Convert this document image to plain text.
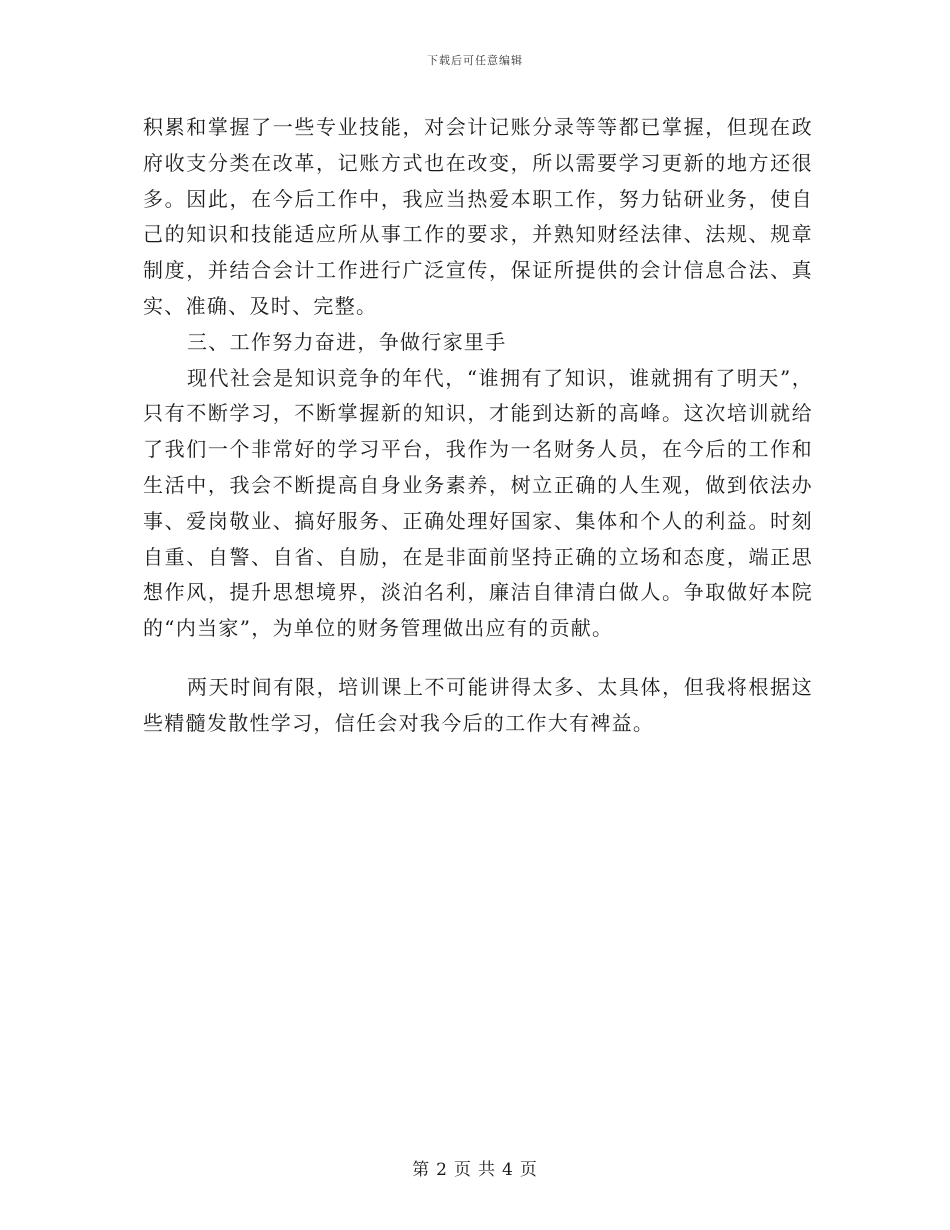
下载后可任意编辑

积累和掌握了一些专业技能，对会计记账分录等等都已掌握，但现在政府收支分类在改革，记账方式也在改变，所以需要学习更新的地方还很多。因此，在今后工作中，我应当热爱本职工作，努力钻研业务，使自己的知识和技能适应所从事工作的要求，并熟知财经法律、法规、规章制度，并结合会计工作进行广泛宣传，保证所提供的会计信息合法、真实、准确、及时、完整。

三、工作努力奋进，争做行家里手

现代社会是知识竞争的年代，“谁拥有了知识，谁就拥有了明天”，只有不断学习，不断掌握新的知识，才能到达新的高峰。这次培训就给了我们一个非常好的学习平台，我作为一名财务人员，在今后的工作和生活中，我会不断提高自身业务素养，树立正确的人生观，做到依法办事、爱岗敬业、搞好服务、正确处理好国家、集体和个人的利益。时刻自重、自警、自省、自励，在是非面前坚持正确的立场和态度，端正思想作风，提升思想境界，淡泊名利，廉洁自律清白做人。争取做好本院的“内当家”，为单位的财务管理做出应有的贡献。

两天时间有限，培训课上不可能讲得太多、太具体，但我将根据这些精髓发散性学习，信任会对我今后的工作大有裨益。

第 2 页 共 4 页
